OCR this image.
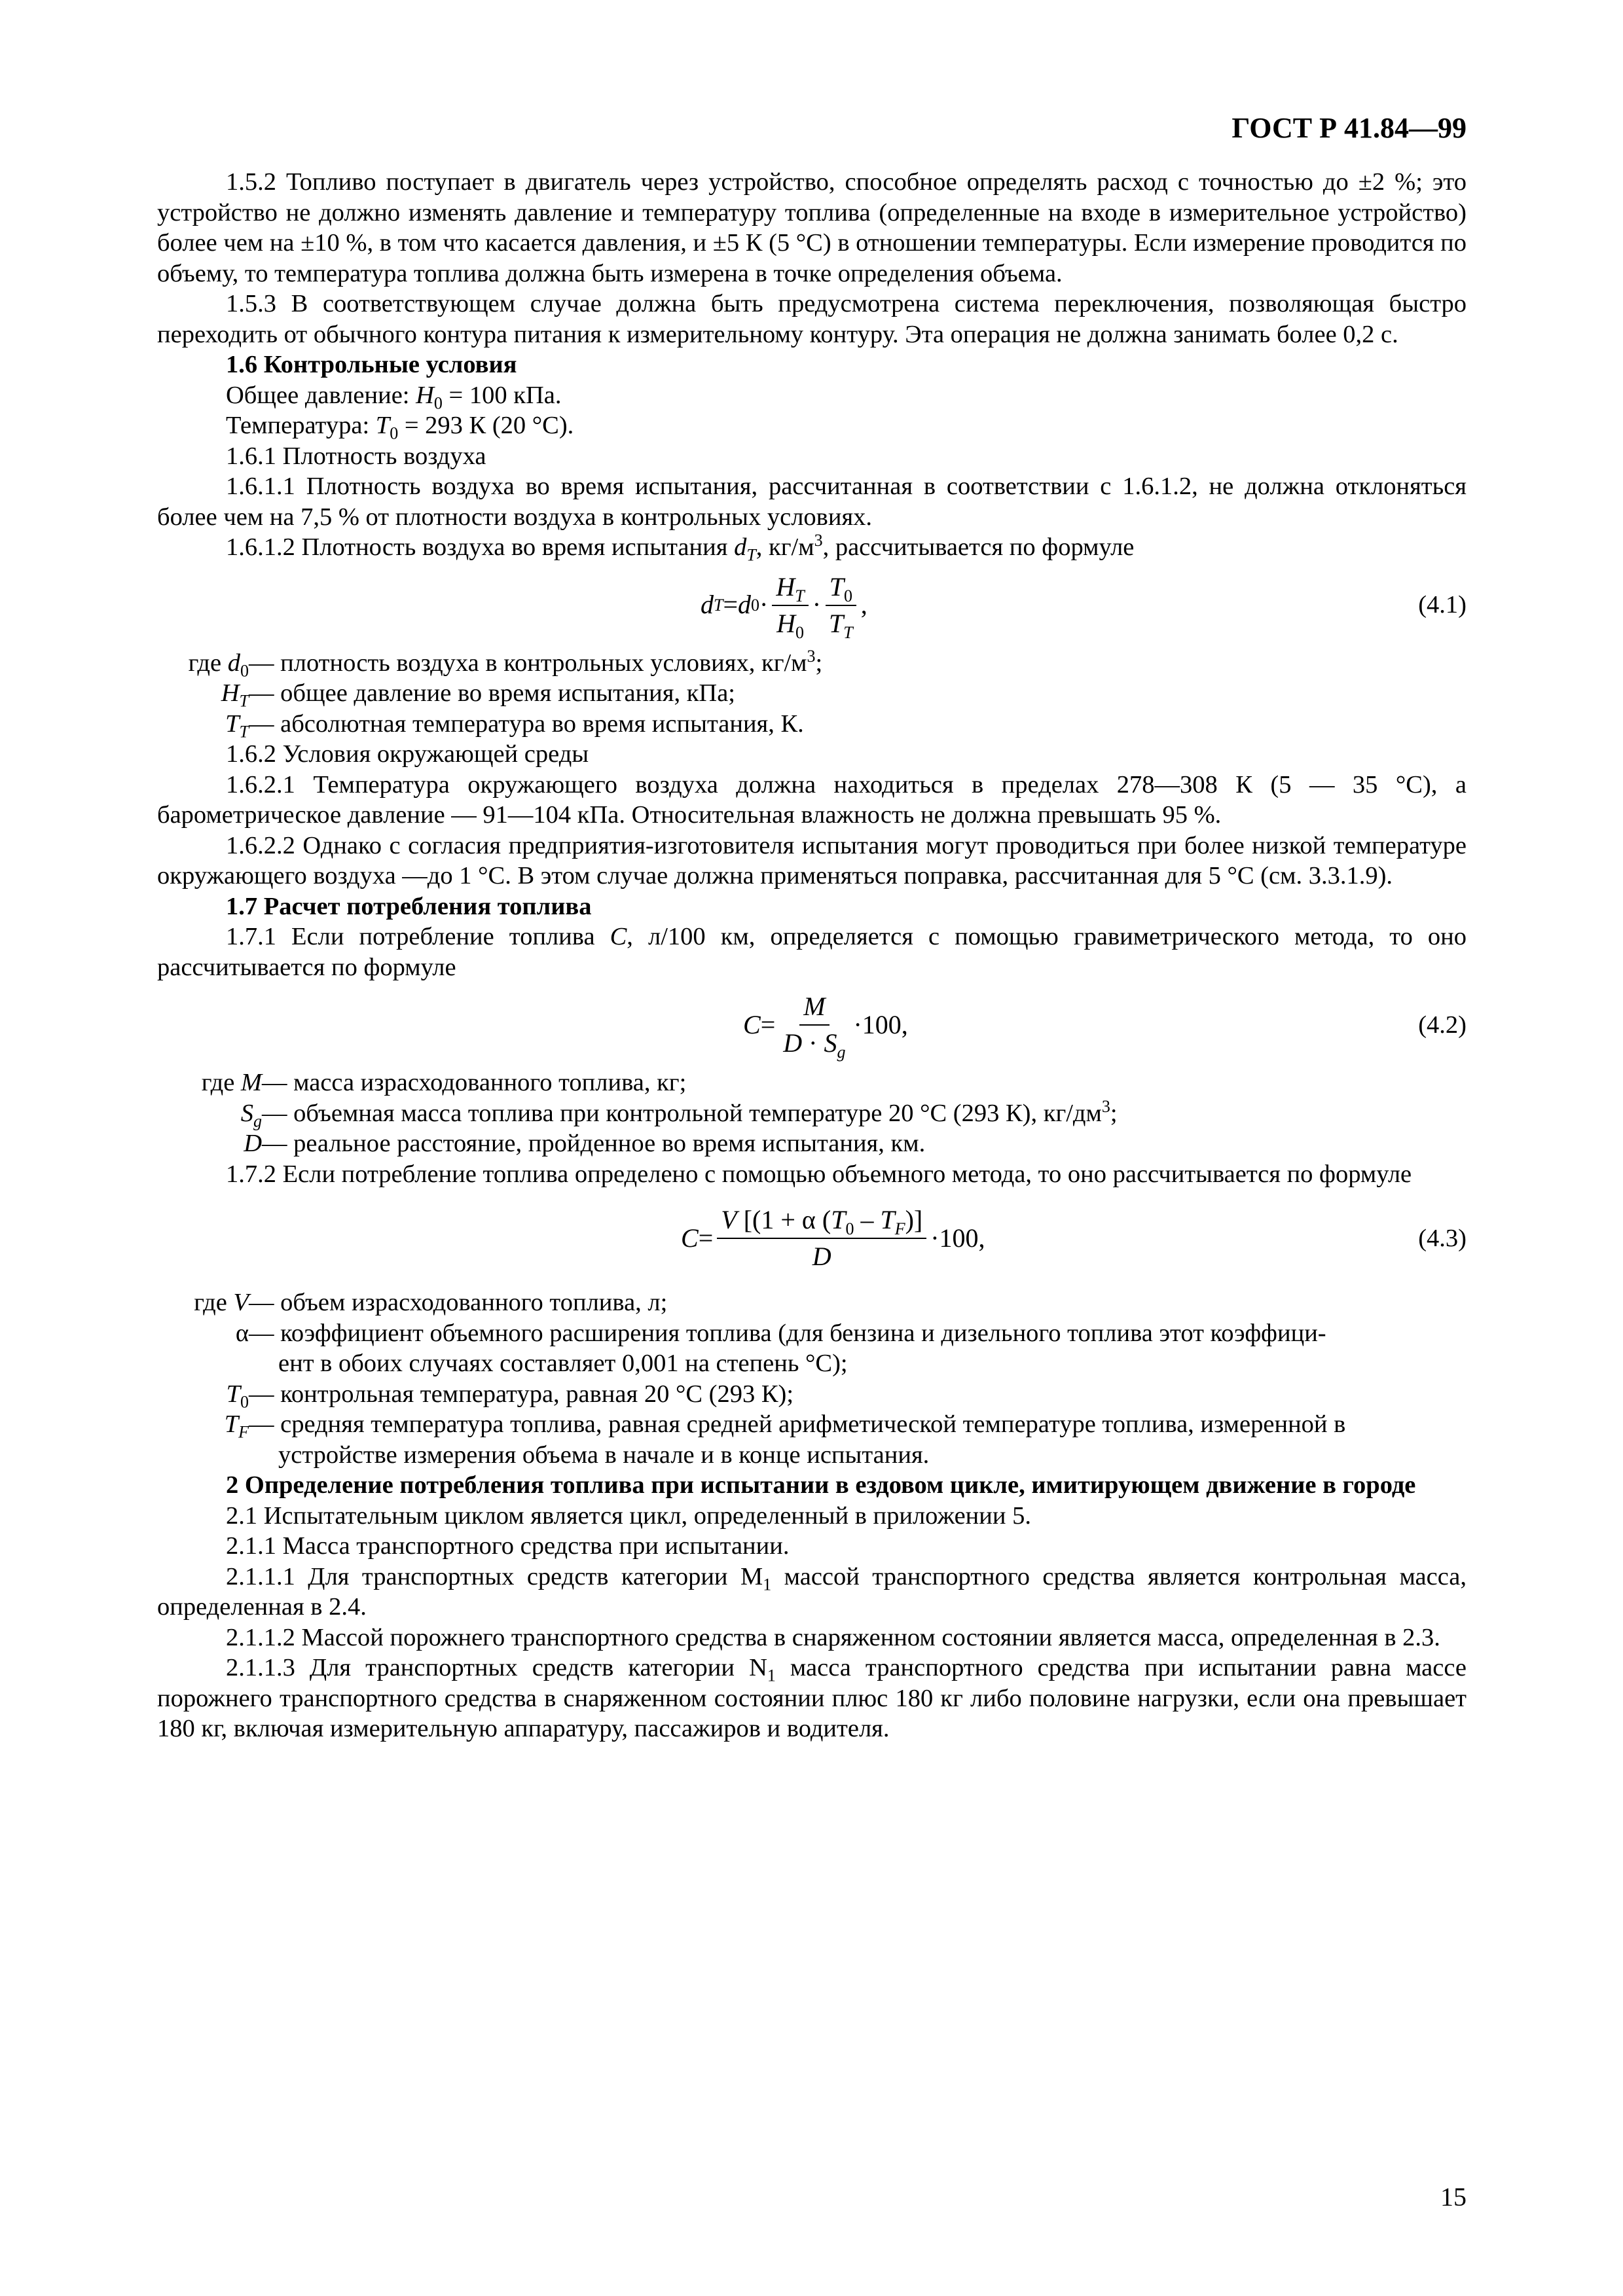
ГОСТ Р 41.84—99

1.5.2 Топливо поступает в двигатель через устройство, способное определять расход с точностью до ±2 %; это устройство не должно изменять давление и температуру топлива (определенные на входе в измерительное устройство) более чем на ±10 %, в том что касается давления, и ±5 К (5 °С) в отношении температуры. Если измерение проводится по объему, то температура топлива должна быть измерена в точке определения объема.

1.5.3 В соответствующем случае должна быть предусмотрена система переключения, позволяющая быстро переходить от обычного контура питания к измерительному контуру. Эта операция не должна занимать более 0,2 с.

1.6 Контрольные условия

Общее давление: $H_0 = 100$ кПа.

Температура: $T_0 = 293$ К (20 °С).

1.6.1 Плотность воздуха

1.6.1.1 Плотность воздуха во время испытания, рассчитанная в соответствии с 1.6.1.2, не должна отклоняться более чем на 7,5 % от плотности воздуха в контрольных условиях.

1.6.1.2 Плотность воздуха во время испытания $d_T$, $кг/м^3$, рассчитывается по формуле

d T = d $0 \cdot \frac{H_T}{H_0} \cdot \frac{T_0}{T_T}$ ,	(4.1)
где $d_0$ — плотность воздуха в контрольных условиях, $кг/м^3$;
$H_T$ — общее давление во время испытания, кПа;
$T_T$ — абсолютная температура во время испытания, К.

1.6.2 Условия окружающей среды

1.6.2.1 Температура окружающего воздуха должна находиться в пределах 278—308 К (5 — 35 °С), а барометрическое давление — 91—104 кПа. Относительная влажность не должна превышать 95 %.

1.6.2.2 Однако с согласия предприятия-изготовителя испытания могут проводиться при более низкой температуре окружающего воздуха —до 1 °С. В этом случае должна применяться поправка, рассчитанная для 5 °С (см. 3.3.1.9).

1.7 Расчет потребления топлива

1.7.1 Если потребление топлива C, л/100 км, определяется с помощью гравиметрического метода, то оно рассчитывается по формуле

$C = \frac{M}{D \cdot S_g} \cdot 100$ ,	(4.2)
где M — масса израсходованного топлива, кг;
$S_g$ — объемная масса топлива при контрольной температуре 20 °С (293 К), $кг/дм^3$;
D — реальное расстояние, пройденное во время испытания, км.

1.7.2 Если потребление топлива определено с помощью объемного метода, то оно рассчитывается по формуле

$C = \frac{V [(1 + \alpha (T_0 - T_F)]}{D} \cdot 100$ ,	(4.3)
где V — объем израсходованного топлива, л;
α — коэффициент объемного расширения топлива (для бензина и дизельного топлива этот коэффици-
ент в обоих случаях составляет 0,001 на степень °С);
$T_0$ — контрольная температура, равная 20 °С (293 К);
$T_F$ — средняя температура топлива, равная средней арифметической температуре топлива, измеренной в
устройстве измерения объема в начале и в конце испытания.

2 Определение потребления топлива при испытании в ездовом цикле, имитирующем движение в городе

2.1 Испытательным циклом является цикл, определенный в приложении 5.

2.1.1 Масса транспортного средства при испытании.

2.1.1.1 Для транспортных средств категории $М_1$ массой транспортного средства является контрольная масса, определенная в 2.4.

2.1.1.2 Массой порожнего транспортного средства в снаряженном состоянии является масса, определенная в 2.3.

2.1.1.3 Для транспортных средств категории $N_1$ масса транспортного средства при испытании равна массе порожнего транспортного средства в снаряженном состоянии плюс 180 кг либо половине нагрузки, если она превышает 180 кг, включая измерительную аппаратуру, пассажиров и водителя.

15
